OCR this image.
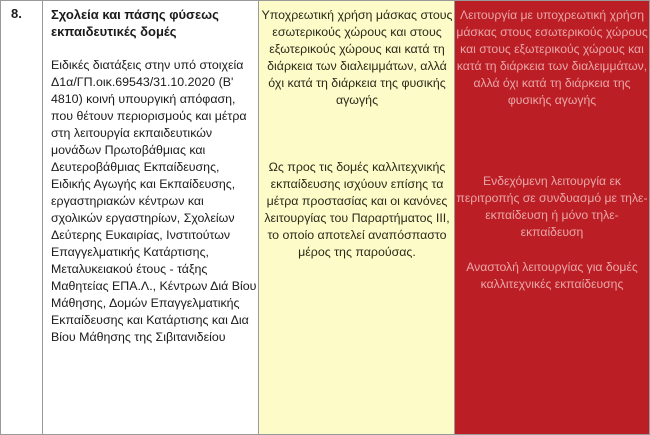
8. Σχολεία και πάσης φύσεως εκπαιδευτικές δομές
Ειδικές διατάξεις στην υπό στοιχεία Δ1α/ΓΠ.οικ.69543/31.10.2020 (Β' 4810) κοινή υπουργική απόφαση, που θέτουν περιορισμούς και μέτρα στη λειτουργία εκπαιδευτικών μονάδων Πρωτοβάθμιας και Δευτεροβάθμιας Εκπαίδευσης, Ειδικής Αγωγής και Εκπαίδευσης, εργαστηριακών κέντρων και σχολικών εργαστηρίων, Σχολείων Δεύτερης Ευκαιρίας, Ινστιτούτων Επαγγελματικής Κατάρτισης, Μεταλυκειακού έτους - τάξης Μαθητείας ΕΠΑ.Λ., Κέντρων Διά Βίου Μάθησης, Δομών Επαγγελματικής Εκπαίδευσης και Κατάρτισης και Δια Βίου Μάθησης της Σιβιτανιδείου
Υποχρεωτική χρήση μάσκας στους εσωτερικούς χώρους και στους εξωτερικούς χώρους και κατά τη διάρκεια των διαλειμμάτων, αλλά όχι κατά τη διάρκεια της φυσικής αγωγής
Ως προς τις δομές καλλιτεχνικής εκπαίδευσης ισχύουν επίσης τα μέτρα προστασίας και οι κανόνες λειτουργίας του Παραρτήματος ΙΙΙ, το οποίο αποτελεί αναπόσπαστο μέρος της παρούσας.
Λειτουργία με υποχρεωτική χρήση μάσκας στους εσωτερικούς χώρους και στους εξωτερικούς χώρους και κατά τη διάρκεια των διαλειμμάτων, αλλά όχι κατά τη διάρκεια της φυσικής αγωγής
Ενδεχόμενη λειτουργία εκ περιτροπής σε συνδυασμό με τηλε-εκπαίδευση ή μόνο τηλε-εκπαίδευση
Αναστολή λειτουργίας για δομές καλλιτεχνικές εκπαίδευσης
